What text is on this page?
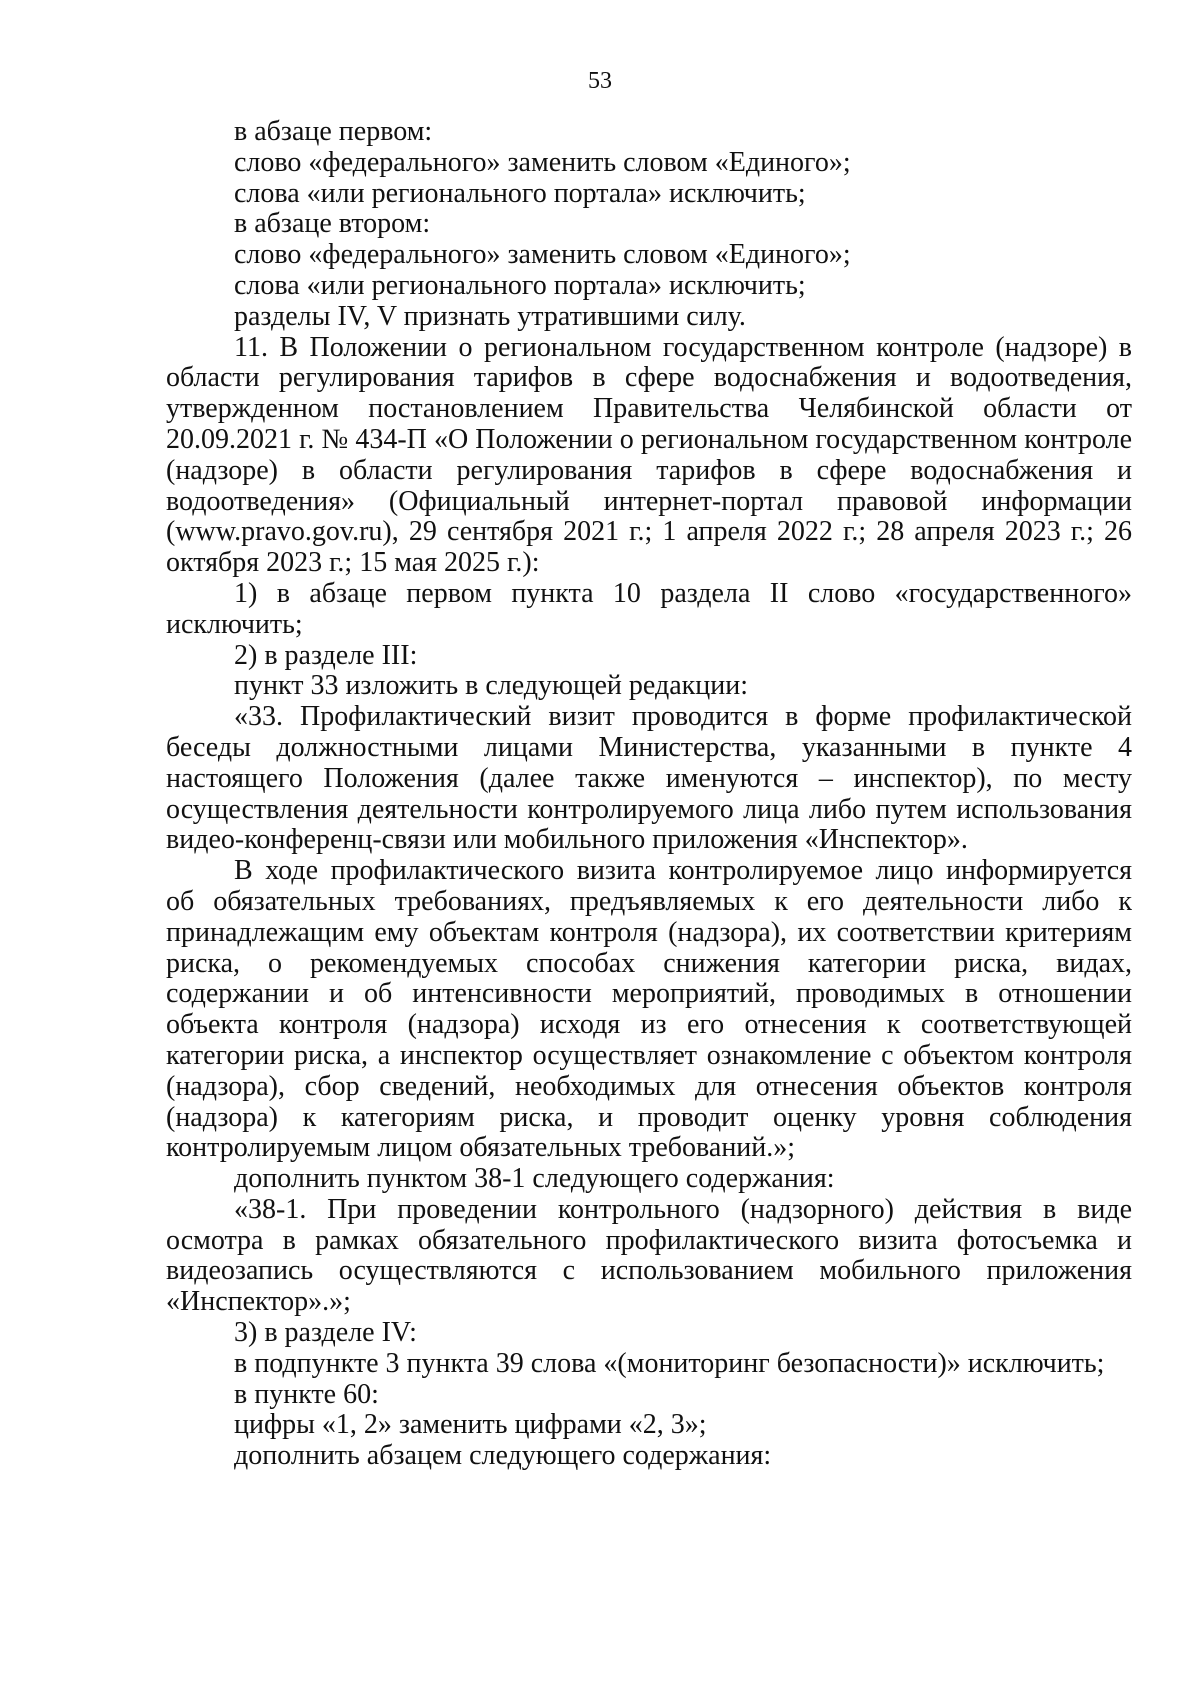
53

в абзаце первом:

слово «федерального» заменить словом «Единого»;

слова «или регионального портала» исключить;

в абзаце втором:

слово «федерального» заменить словом «Единого»;

слова «или регионального портала» исключить;

разделы IV, V признать утратившими силу.

11. В Положении о региональном государственном контроле (надзоре) в области регулирования тарифов в сфере водоснабжения и водоотведения, утвержденном постановлением Правительства Челябинской области от 20.09.2021 г. № 434-П «О Положении о региональном государственном контроле (надзоре) в области регулирования тарифов в сфере водоснабжения и водоотведения» (Официальный интернет-портал правовой информации (www.pravo.gov.ru), 29 сентября 2021 г.; 1 апреля 2022 г.; 28 апреля 2023 г.; 26 октября 2023 г.; 15 мая 2025 г.):

1) в абзаце первом пункта 10 раздела II слово «государственного» исключить;

2) в разделе III:

пункт 33 изложить в следующей редакции:

«33. Профилактический визит проводится в форме профилактической беседы должностными лицами Министерства, указанными в пункте 4 настоящего Положения (далее также именуются – инспектор), по месту осуществления деятельности контролируемого лица либо путем использования видео-конференц-связи или мобильного приложения «Инспектор».

В ходе профилактического визита контролируемое лицо информируется об обязательных требованиях, предъявляемых к его деятельности либо к принадлежащим ему объектам контроля (надзора), их соответствии критериям риска, о рекомендуемых способах снижения категории риска, видах, содержании и об интенсивности мероприятий, проводимых в отношении объекта контроля (надзора) исходя из его отнесения к соответствующей категории риска, а инспектор осуществляет ознакомление с объектом контроля (надзора), сбор сведений, необходимых для отнесения объектов контроля (надзора) к категориям риска, и проводит оценку уровня соблюдения контролируемым лицом обязательных требований.»;

дополнить пунктом 38-1 следующего содержания:

«38-1. При проведении контрольного (надзорного) действия в виде осмотра в рамках обязательного профилактического визита фотосъемка и видеозапись осуществляются с использованием мобильного приложения «Инспектор».»;

3) в разделе IV:

в подпункте 3 пункта 39 слова «(мониторинг безопасности)» исключить;

в пункте 60:

цифры «1, 2» заменить цифрами «2, 3»;

дополнить абзацем следующего содержания:
